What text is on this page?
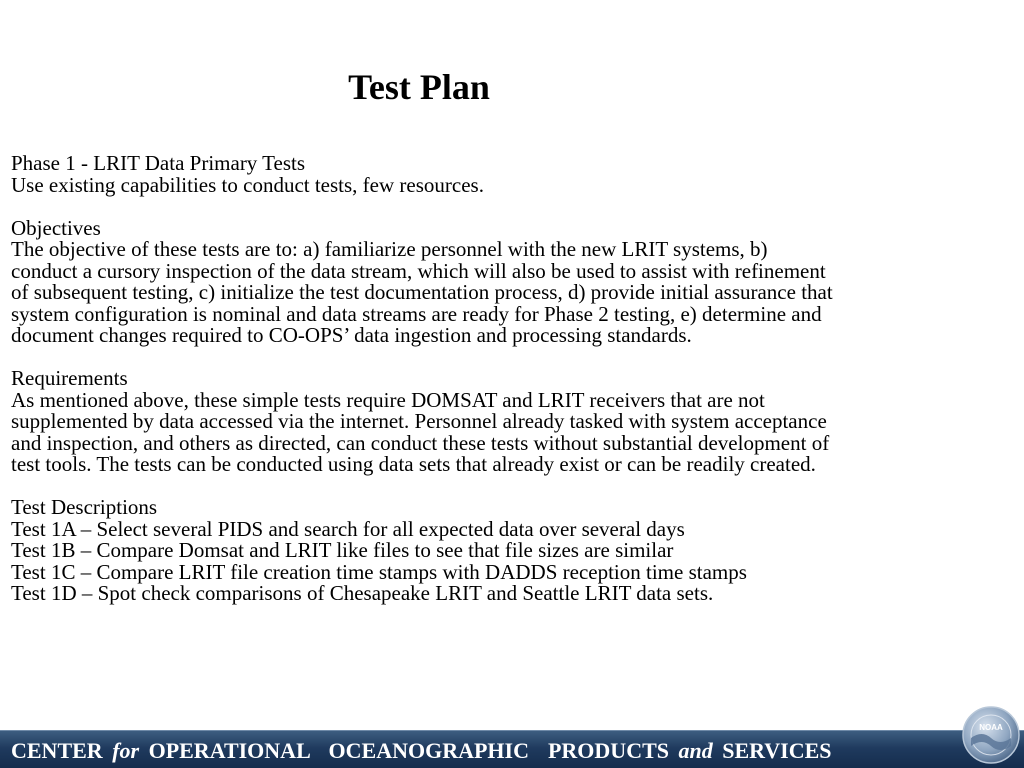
Test Plan
Phase 1 - LRIT Data Primary Tests
Use existing capabilities to conduct tests, few resources.
Objectives
The objective of these tests are to: a) familiarize personnel with the new LRIT systems, b)
conduct a cursory inspection of the data stream, which will also be used to assist with refinement
of subsequent testing, c) initialize the test documentation process, d) provide initial assurance that
system configuration is nominal and data streams are ready for Phase 2 testing, e) determine and
document changes required to CO-OPS’ data ingestion and processing standards.
Requirements
As mentioned above, these simple tests require DOMSAT and LRIT receivers that are not
supplemented by data accessed via the internet. Personnel already tasked with system acceptance
and inspection, and others as directed, can conduct these tests without substantial development of
test tools. The tests can be conducted using data sets that already exist or can be readily created.
Test Descriptions
Test 1A – Select several PIDS and search for all expected data over several days
Test 1B – Compare Domsat and LRIT like files to see that file sizes are similar
Test 1C – Compare LRIT file creation time stamps with DADDS reception time stamps
Test 1D – Spot check comparisons of Chesapeake LRIT and Seattle LRIT data sets.
CENTER for OPERATIONAL  OCEANOGRAPHIC  PRODUCTS and SERVICES
NOAA
